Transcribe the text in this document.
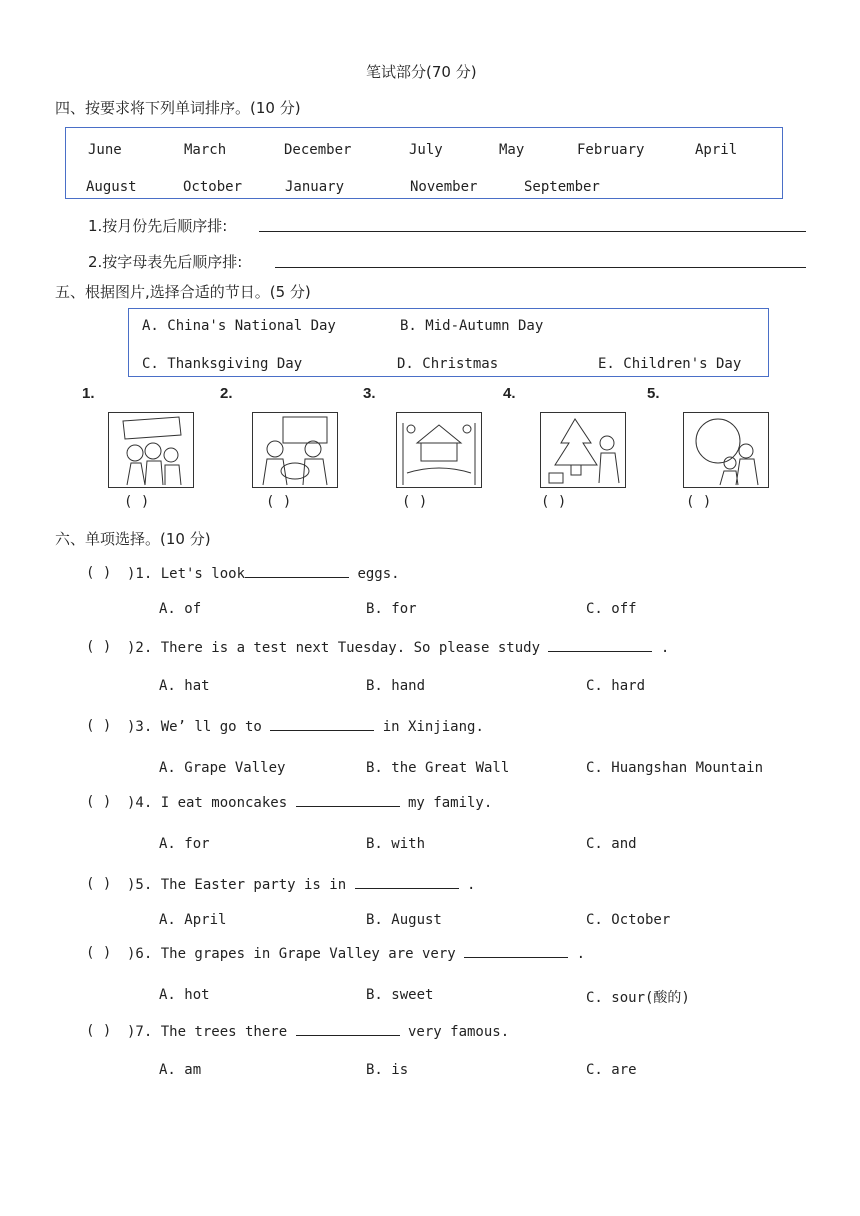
笔试部分(70 分)
四、按要求将下列单词排序。(10 分)
June	March	December	July	May	February	April
August	October	January	November	September
1.按月份先后顺序排:
2.按字母表先后顺序排:
五、根据图片,选择合适的节日。(5 分)
A. China's National Day	B. Mid-Autumn Day
C. Thanksgiving Day	D. Christmas	E. Children's Day
1.	2.	3.	4.	5.
( )	( )	( )	( )	( )
六、单项选择。(10 分)
( ) )1. Let's look	eggs.
A. of	B. for	C. off
( ) )2. There is a test next Tuesday. So please study	.
A. hat	B. hand	C. hard
( ) )3. We’ ll go to	in Xinjiang.
A. Grape Valley	B. the Great Wall	C. Huangshan Mountain
( ) )4. I eat mooncakes	my family.
A. for	B. with	C. and
( ) )5. The Easter party is in	.
A. April	B. August	C. October
( ) )6. The grapes in Grape Valley are very	.
A. hot	B. sweet	C. sour(酸的)
( ) )7. The trees there	very famous.
A. am	B. is	C. are
